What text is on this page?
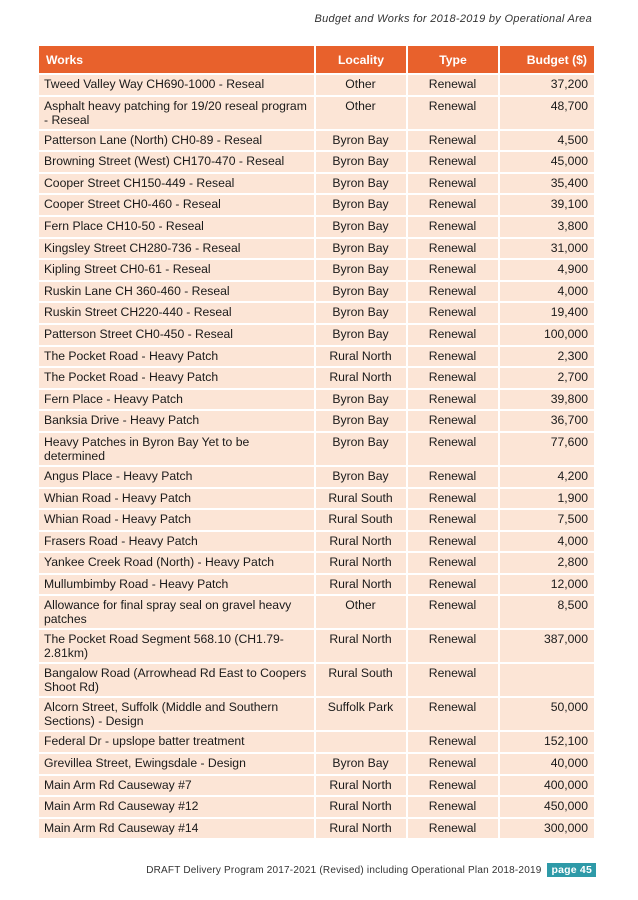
Budget and Works for 2018-2019 by Operational Area
Works	Locality	Type	Budget ($)
Tweed Valley Way CH690-1000 - Reseal	Other	Renewal	37,200
Asphalt heavy patching for 19/20 reseal program - Reseal	Other	Renewal	48,700
Patterson Lane (North) CH0-89 - Reseal	Byron Bay	Renewal	4,500
Browning Street (West) CH170-470 - Reseal	Byron Bay	Renewal	45,000
Cooper Street CH150-449 - Reseal	Byron Bay	Renewal	35,400
Cooper Street CH0-460 - Reseal	Byron Bay	Renewal	39,100
Fern Place CH10-50 - Reseal	Byron Bay	Renewal	3,800
Kingsley Street CH280-736 - Reseal	Byron Bay	Renewal	31,000
Kipling Street CH0-61 - Reseal	Byron Bay	Renewal	4,900
Ruskin Lane CH 360-460 - Reseal	Byron Bay	Renewal	4,000
Ruskin Street CH220-440 - Reseal	Byron Bay	Renewal	19,400
Patterson Street CH0-450 - Reseal	Byron Bay	Renewal	100,000
The Pocket Road - Heavy Patch	Rural North	Renewal	2,300
The Pocket Road - Heavy Patch	Rural North	Renewal	2,700
Fern Place - Heavy Patch	Byron Bay	Renewal	39,800
Banksia Drive - Heavy Patch	Byron Bay	Renewal	36,700
Heavy Patches in Byron Bay Yet to be determined	Byron Bay	Renewal	77,600
Angus Place - Heavy Patch	Byron Bay	Renewal	4,200
Whian Road - Heavy Patch	Rural South	Renewal	1,900
Whian Road - Heavy Patch	Rural South	Renewal	7,500
Frasers Road - Heavy Patch	Rural North	Renewal	4,000
Yankee Creek Road (North) - Heavy Patch	Rural North	Renewal	2,800
Mullumbimby Road - Heavy Patch	Rural North	Renewal	12,000
Allowance for final spray seal on gravel heavy patches	Other	Renewal	8,500
The Pocket Road Segment 568.10 (CH1.79-2.81km)	Rural North	Renewal	387,000
Bangalow Road (Arrowhead Rd East to Coopers Shoot Rd)	Rural South	Renewal	
Alcorn Street, Suffolk (Middle and Southern Sections) - Design	Suffolk Park	Renewal	50,000
Federal Dr - upslope batter treatment		Renewal	152,100
Grevillea Street, Ewingsdale - Design	Byron Bay	Renewal	40,000
Main Arm Rd Causeway #7	Rural North	Renewal	400,000
Main Arm Rd Causeway #12	Rural North	Renewal	450,000
Main Arm Rd Causeway #14	Rural North	Renewal	300,000
DRAFT Delivery Program 2017-2021 (Revised) including Operational Plan 2018-2019 page 45
